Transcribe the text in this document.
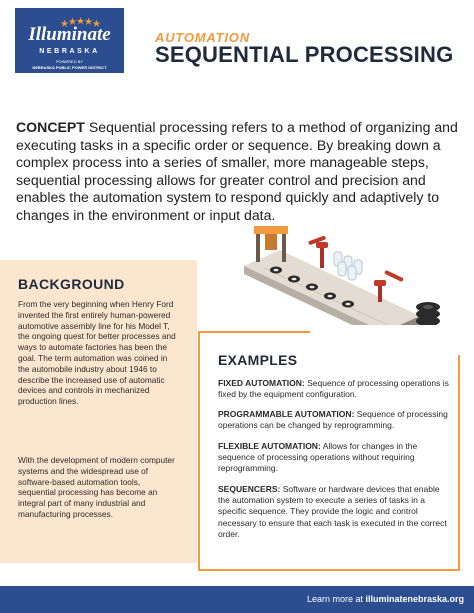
Illuminate
NEBRASKA
POWERED BY
NEBRASKA PUBLIC POWER DISTRICT
AUTOMATION
SEQUENTIAL PROCESSING
CONCEPT Sequential processing refers to a method of organizing and executing tasks in a specific order or sequence. By breaking down a complex process into a series of smaller, more manageable steps, sequential processing allows for greater control and precision and enables the automation system to respond quickly and adaptively to changes in the environment or input data.
BACKGROUND
From the very beginning when Henry Ford invented the first entirely human-powered automotive assembly line for his Model T, the ongoing quest for better processes and ways to automate factories has been the goal. The term automation was coined in the automobile industry about 1946 to describe the increased use of automatic devices and controls in mechanized production lines.
With the development of modern computer systems and the widespread use of software-based automation tools, sequential processing has become an integral part of many industrial and manufacturing processes.
EXAMPLES
FIXED AUTOMATION: Sequence of processing operations is fixed by the equipment configuration.
PROGRAMMABLE AUTOMATION: Sequence of processing operations can be changed by reprogramming.
FLEXIBLE AUTOMATION: Allows for changes in the sequence of processing operations without requiring reprogramming.
SEQUENCERS: Software or hardware devices that enable the automation system to execute a series of tasks in a specific sequence. They provide the logic and control necessary to ensure that each task is executed in the correct order.
Learn more at illuminatenebraska.org
